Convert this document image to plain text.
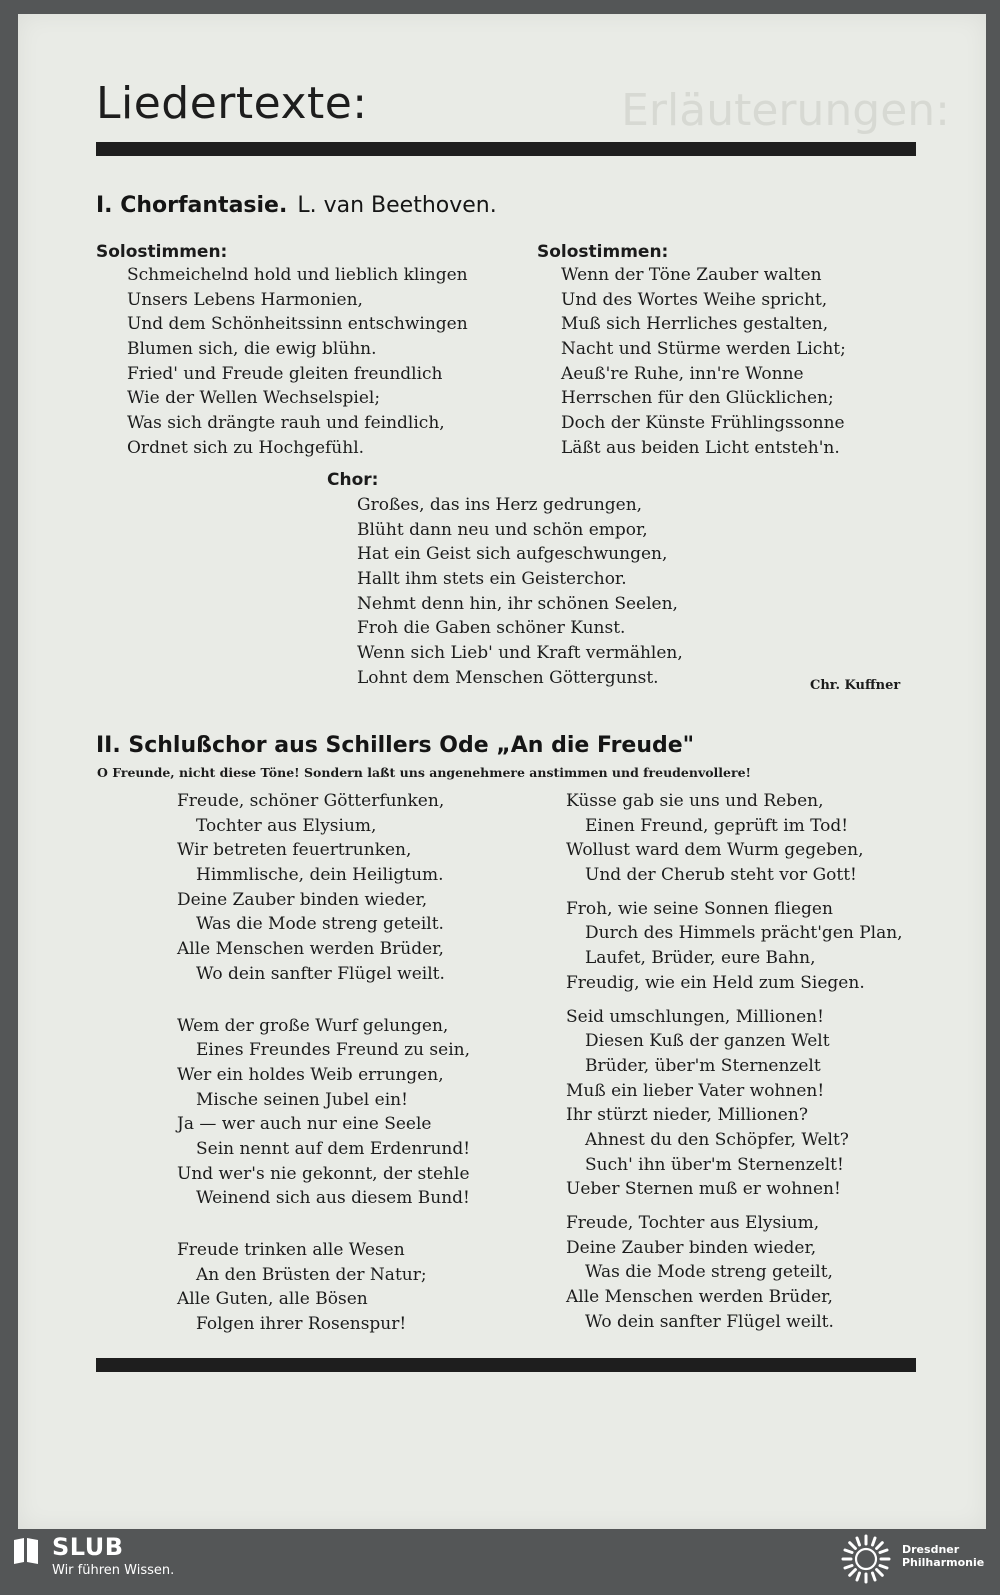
Erläuterungen:
Liedertexte:
I. Chorfantasie. L. van Beethoven.
Solostimmen:	Solostimmen:
Schmeichelnd hold und lieblich klingen
Unsers Lebens Harmonien,
Und dem Schönheitssinn entschwingen
Blumen sich, die ewig blühn.
Fried' und Freude gleiten freundlich
Wie der Wellen Wechselspiel;
Was sich drängte rauh und feindlich,
Ordnet sich zu Hochgefühl.
Wenn der Töne Zauber walten
Und des Wortes Weihe spricht,
Muß sich Herrliches gestalten,
Nacht und Stürme werden Licht;
Aeuß're Ruhe, inn're Wonne
Herrschen für den Glücklichen;
Doch der Künste Frühlingssonne
Läßt aus beiden Licht entsteh'n.
Chor:
Großes, das ins Herz gedrungen,
Blüht dann neu und schön empor,
Hat ein Geist sich aufgeschwungen,
Hallt ihm stets ein Geisterchor.
Nehmt denn hin, ihr schönen Seelen,
Froh die Gaben schöner Kunst.
Wenn sich Lieb' und Kraft vermählen,
Lohnt dem Menschen Göttergunst.	Chr. Kuffner
II. Schlußchor aus Schillers Ode „An die Freude"
O Freunde, nicht diese Töne! Sondern laßt uns angenehmere anstimmen und freudenvollere!
Freude, schöner Götterfunken,
Tochter aus Elysium,
Wir betreten feuertrunken,
Himmlische, dein Heiligtum.
Deine Zauber binden wieder,
Was die Mode streng geteilt.
Alle Menschen werden Brüder,
Wo dein sanfter Flügel weilt.
Wem der große Wurf gelungen,
Eines Freundes Freund zu sein,
Wer ein holdes Weib errungen,
Mische seinen Jubel ein!
Ja — wer auch nur eine Seele
Sein nennt auf dem Erdenrund!
Und wer's nie gekonnt, der stehle
Weinend sich aus diesem Bund!
Freude trinken alle Wesen
An den Brüsten der Natur;
Alle Guten, alle Bösen
Folgen ihrer Rosenspur!
Küsse gab sie uns und Reben,
Einen Freund, geprüft im Tod!
Wollust ward dem Wurm gegeben,
Und der Cherub steht vor Gott!
Froh, wie seine Sonnen fliegen
Durch des Himmels prächt'gen Plan,
Laufet, Brüder, eure Bahn,
Freudig, wie ein Held zum Siegen.
Seid umschlungen, Millionen!
Diesen Kuß der ganzen Welt
Brüder, über'm Sternenzelt
Muß ein lieber Vater wohnen!
Ihr stürzt nieder, Millionen?
Ahnest du den Schöpfer, Welt?
Such' ihn über'm Sternenzelt!
Ueber Sternen muß er wohnen!
Freude, Tochter aus Elysium,
Deine Zauber binden wieder,
Was die Mode streng geteilt,
Alle Menschen werden Brüder,
Wo dein sanfter Flügel weilt.
SLUB
Wir führen Wissen.
Dresdner
Philharmonie
